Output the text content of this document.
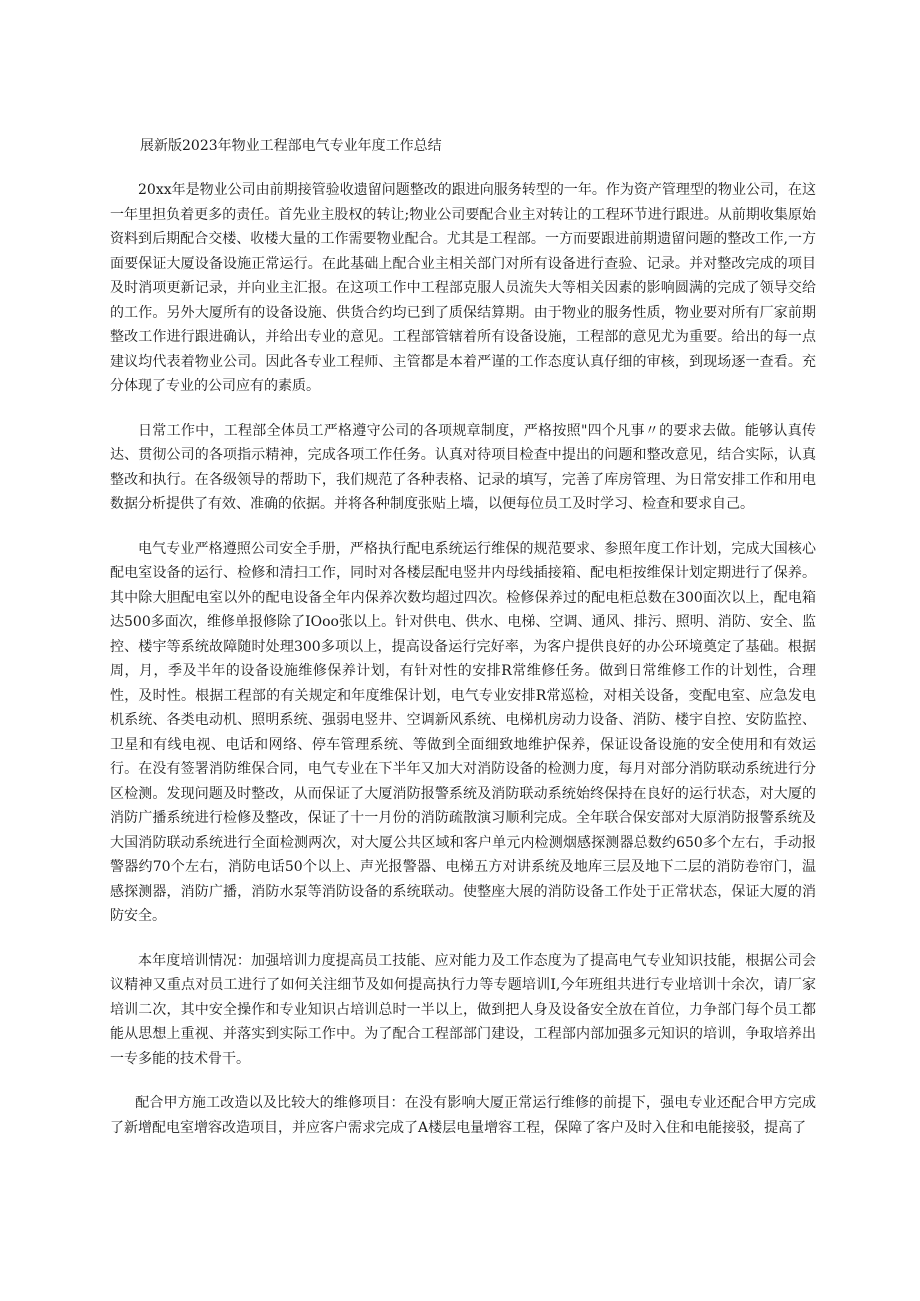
展新版2023年物业工程部电气专业年度工作总结

20xx年是物业公司由前期接管验收遗留问题整改的跟进向服务转型的一年。作为资产管理型的物业公司，在这一年里担负着更多的责任。首先业主股权的转让;物业公司要配合业主对转让的工程环节进行跟进。从前期收集原始资料到后期配合交楼、收楼大量的工作需要物业配合。尤其是工程部。一方而要跟进前期遗留问题的整改工作,一方面要保证大厦设备设施正常运行。在此基础上配合业主相关部门对所有设备进行查验、记录。并对整改完成的项目及时消项更新记录，并向业主汇报。在这项工作中工程部克服人员流失大等相关因素的影响圆满的完成了领导交给的工作。另外大厦所有的设备设施、供货合约均已到了质保结算期。由于物业的服务性质，物业要对所有厂家前期整改工作进行跟进确认，并给出专业的意见。工程部管辖着所有设备设施，工程部的意见尤为重要。给出的每一点建议均代表着物业公司。因此各专业工程师、主管都是本着严谨的工作态度认真仔细的审核，到现场逐一查看。充分体现了专业的公司应有的素质。

日常工作中，工程部全体员工严格遵守公司的各项规章制度，严格按照"四个凡事〃的要求去做。能够认真传达、贯彻公司的各项指示精神，完成各项工作任务。认真对待项目检查中提出的问题和整改意见，结合实际，认真整改和执行。在各级领导的帮助下，我们规范了各种表格、记录的填写，完善了库房管理、为日常安排工作和用电数据分析提供了有效、准确的依据。并将各种制度张贴上墙，以便每位员工及时学习、检查和要求自己。

电气专业严格遵照公司安全手册，严格执行配电系统运行维保的规范要求、参照年度工作计划，完成大国核心配电室设备的运行、检修和清扫工作，同时对各楼层配电竖井内母线插接箱、配电柜按维保计划定期进行了保养。其中除大胆配电室以外的配电设备全年内保养次数均超过四次。检修保养过的配电柜总数在300面次以上，配电箱达500多面次，维修单报修除了IOoo张以上。针对供电、供水、电梯、空调、通风、排污、照明、消防、安全、监控、楼宇等系统故障随时处理300多项以上，提高设备运行完好率，为客户提供良好的办公环境奠定了基础。根据周，月，季及半年的设备设施维修保养计划，有针对性的安排R常维修任务。做到日常维修工作的计划性，合理性，及时性。根据工程部的有关规定和年度维保计划，电气专业安排R常巡检，对相关设备，变配电室、应急发电机系统、各类电动机、照明系统、强弱电竖井、空调新风系统、电梯机房动力设备、消防、楼宇自控、安防监控、卫星和有线电视、电话和网络、停车管理系统、等做到全面细致地维护保养，保证设备设施的安全使用和有效运行。在没有签署消防维保合同，电气专业在下半年又加大对消防设备的检测力度，每月对部分消防联动系统进行分区检测。发现问题及时整改，从而保证了大厦消防报警系统及消防联动系统始终保持在良好的运行状态，对大厦的消防广播系统进行检修及整改，保证了十一月份的消防疏散演习顺利完成。全年联合保安部对大原消防报警系统及大国消防联动系统进行全面检测两次，对大厦公共区域和客户单元内检测烟感探测器总数约650多个左右，手动报警器约70个左右，消防电话50个以上、声光报警器、电梯五方对讲系统及地库三层及地下二层的消防卷帘门，温感探测器，消防广播，消防水泵等消防设备的系统联动。使整座大展的消防设备工作处于正常状态，保证大厦的消防安全。

本年度培训情况：加强培训力度提高员工技能、应对能力及工作态度为了提高电气专业知识技能，根据公司会议精神又重点对员工进行了如何关注细节及如何提高执行力等专题培训I,今年班组共进行专业培训十余次，请厂家培训二次，其中安全操作和专业知识占培训总时一半以上，做到把人身及设备安全放在首位，力争部门每个员工都能从思想上重视、并落实到实际工作中。为了配合工程部部门建设，工程部内部加强多元知识的培训，争取培养出一专多能的技术骨干。

配合甲方施工改造以及比较大的维修项目：在没有影响大厦正常运行维修的前提下，强电专业还配合甲方完成了新增配电室增容改造项目，并应客户需求完成了A楼层电量增容工程，保障了客户及时入住和电能接驳，提高了
